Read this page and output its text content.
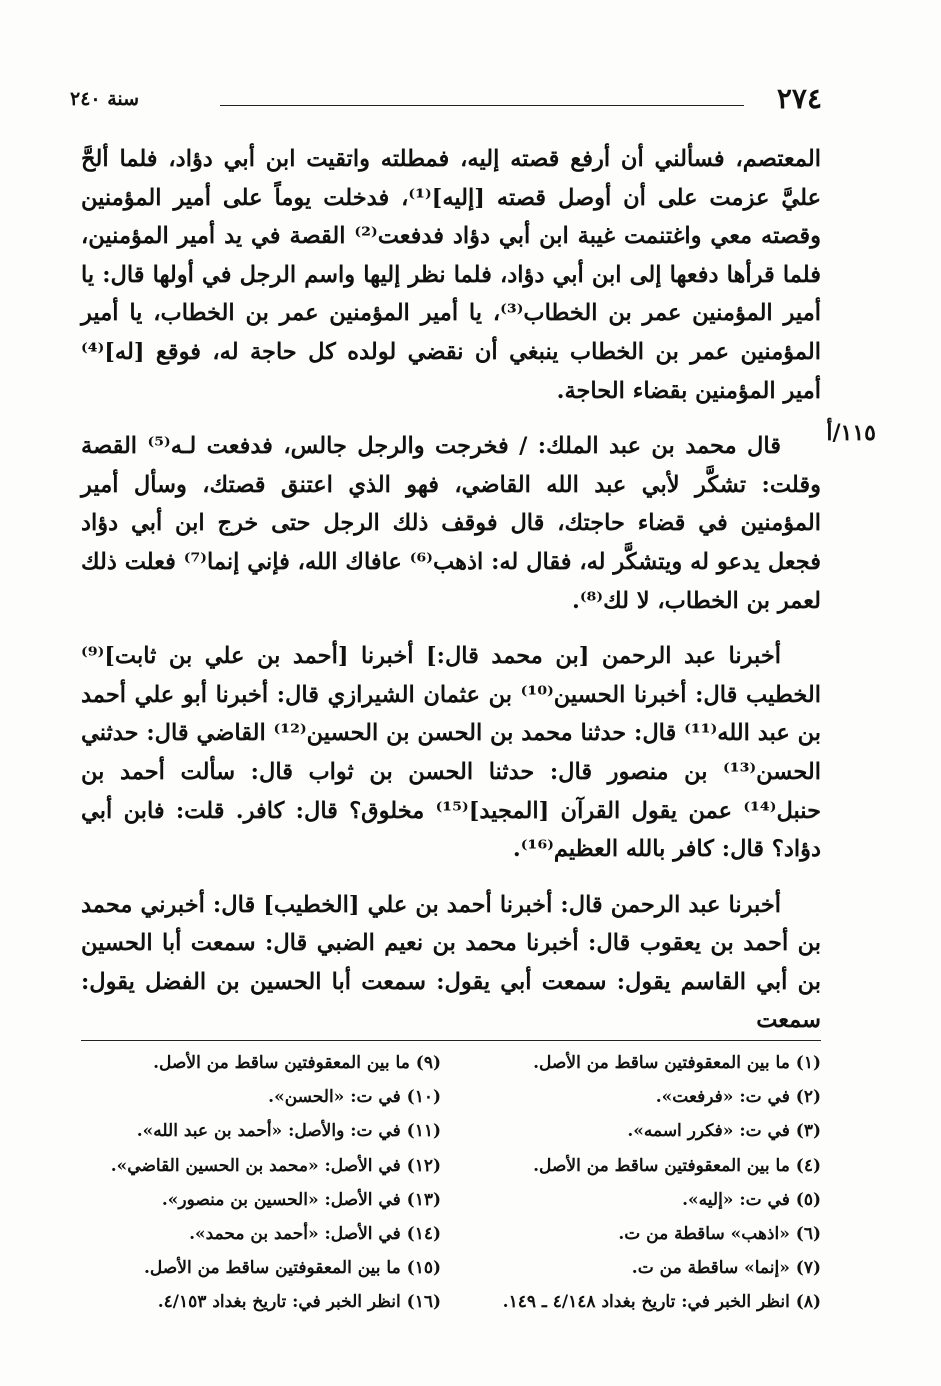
٢٧٤
سنة ٢٤٠
١١٥/أ

المعتصم، فسألني أن أرفع قصته إليه، فمطلته واتقيت ابن أبي دؤاد، فلما ألحَّ عليَّ عزمت على أن أوصل قصته [إليه]⁽¹⁾، فدخلت يوماً على أمير المؤمنين وقصته معي واغتنمت غيبة ابن أبي دؤاد فدفعت⁽²⁾ القصة في يد أمير المؤمنين، فلما قرأها دفعها إلى ابن أبي دؤاد، فلما نظر إليها واسم الرجل في أولها قال: يا أمير المؤمنين عمر بن الخطاب⁽³⁾، يا أمير المؤمنين عمر بن الخطاب، يا أمير المؤمنين عمر بن الخطاب ينبغي أن نقضي لولده كل حاجة له، فوقع [له]⁽⁴⁾ أمير المؤمنين بقضاء الحاجة.

قال محمد بن عبد الملك: / فخرجت والرجل جالس، فدفعت لـه⁽⁵⁾ القصة وقلت: تشكَّر لأبي عبد الله القاضي، فهو الذي اعتنق قصتك، وسأل أمير المؤمنين في قضاء حاجتك، قال فوقف ذلك الرجل حتى خرج ابن أبي دؤاد فجعل يدعو له ويتشكَّر له، فقال له: اذهب⁽⁶⁾ عافاك الله، فإني إنما⁽⁷⁾ فعلت ذلك لعمر بن الخطاب، لا لك⁽⁸⁾.

أخبرنا عبد الرحمن [بن محمد قال:] أخبرنا [أحمد بن علي بن ثابت]⁽⁹⁾ الخطيب قال: أخبرنا الحسين⁽¹⁰⁾ بن عثمان الشيرازي قال: أخبرنا أبو علي أحمد بن عبد الله⁽¹¹⁾ قال: حدثنا محمد بن الحسن بن الحسين⁽¹²⁾ القاضي قال: حدثني الحسن⁽¹³⁾ بن منصور قال: حدثنا الحسن بن ثواب قال: سألت أحمد بن حنبل⁽¹⁴⁾ عمن يقول القرآن [المجيد]⁽¹⁵⁾ مخلوق؟ قال: كافر. قلت: فابن أبي دؤاد؟ قال: كافر بالله العظيم⁽¹⁶⁾.

أخبرنا عبد الرحمن قال: أخبرنا أحمد بن علي [الخطيب] قال: أخبرني محمد بن أحمد بن يعقوب قال: أخبرنا محمد بن نعيم الضبي قال: سمعت أبا الحسين بن أبي القاسم يقول: سمعت أبي يقول: سمعت أبا الحسين بن الفضل يقول: سمعت

(١) ما بين المعقوفتين ساقط من الأصل.
(٢) في ت: «فرفعت».
(٣) في ت: «فكرر اسمه».
(٤) ما بين المعقوفتين ساقط من الأصل.
(٥) في ت: «إليه».
(٦) «اذهب» ساقطة من ت.
(٧) «إنما» ساقطة من ت.
(٨) انظر الخبر في: تاريخ بغداد ٤/١٤٨ ـ ١٤٩.
(٩) ما بين المعقوفتين ساقط من الأصل.
(١٠) في ت: «الحسن».
(١١) في ت: والأصل: «أحمد بن عبد الله».
(١٢) في الأصل: «محمد بن الحسين القاضي».
(١٣) في الأصل: «الحسين بن منصور».
(١٤) في الأصل: «أحمد بن محمد».
(١٥) ما بين المعقوفتين ساقط من الأصل.
(١٦) انظر الخبر في: تاريخ بغداد ٤/١٥٣.
